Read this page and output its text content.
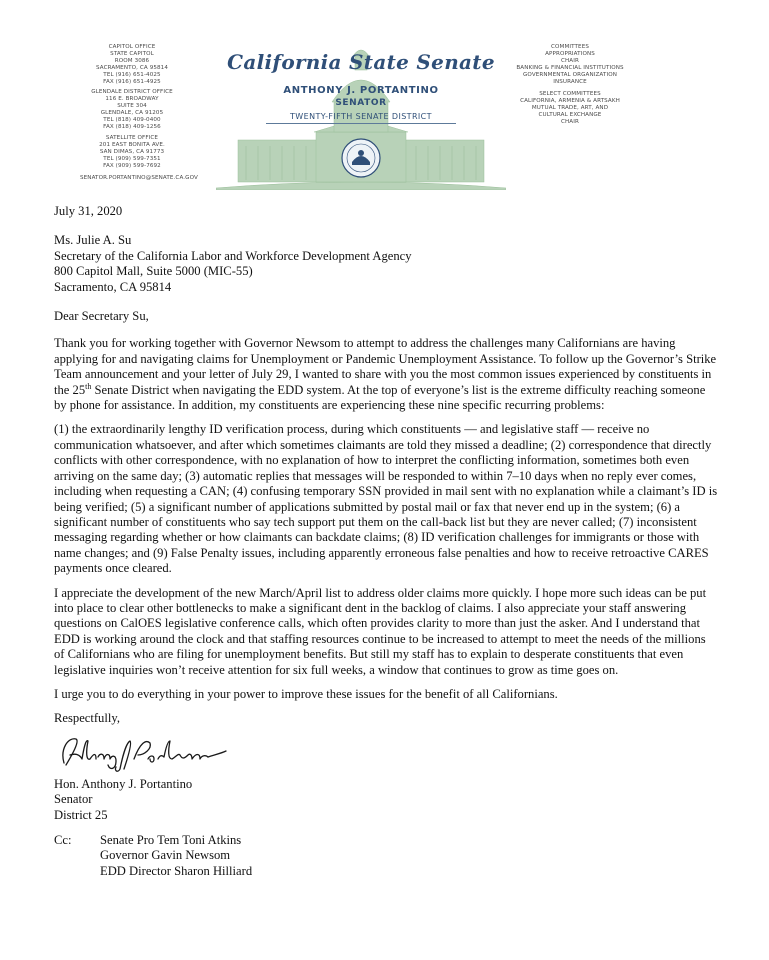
CAPITOL OFFICE
STATE CAPITOL
ROOM 3086
SACRAMENTO, CA 95814
TEL (916) 651-4025
FAX (916) 651-4925
GLENDALE DISTRICT OFFICE
116 E. BROADWAY
SUITE 304
GLENDALE, CA 91205
TEL (818) 409-0400
FAX (818) 409-1256
SATELLITE OFFICE
201 EAST BONITA AVE.
SAN DIMAS, CA 91773
TEL (909) 599-7351
FAX (909) 599-7692
SENATOR.PORTANTINO@SENATE.CA.GOV
California State Senate
ANTHONY J. PORTANTINO
SENATOR
TWENTY-FIFTH SENATE DISTRICT
COMMITTEES
APPROPRIATIONS
CHAIR
BANKING & FINANCIAL INSTITUTIONS
GOVERNMENTAL ORGANIZATION
INSURANCE
SELECT COMMITTEES
CALIFORNIA, ARMENIA & ARTSAKH
MUTUAL TRADE, ART, AND
CULTURAL EXCHANGE
CHAIR
July 31, 2020
Ms. Julie A. Su
Secretary of the California Labor and Workforce Development Agency
800 Capitol Mall, Suite 5000 (MIC-55)
Sacramento, CA 95814
Dear Secretary Su,

Thank you for working together with Governor Newsom to attempt to address the challenges many Californians are having applying for and navigating claims for Unemployment or Pandemic Unemployment Assistance. To follow up the Governor’s Strike Team announcement and your letter of July 29, I wanted to share with you the most common issues experienced by constituents in the 25th Senate District when navigating the EDD system. At the top of everyone’s list is the extreme difficulty reaching someone by phone for assistance. In addition, my constituents are experiencing these nine specific recurring problems:

(1) the extraordinarily lengthy ID verification process, during which constituents — and legislative staff — receive no communication whatsoever, and after which sometimes claimants are told they missed a deadline; (2) correspondence that directly conflicts with other correspondence, with no explanation of how to interpret the conflicting information, sometimes both even arriving on the same day; (3) automatic replies that messages will be responded to within 7–10 days when no reply ever comes, including when requesting a CAN; (4) confusing temporary SSN provided in mail sent with no explanation while a claimant’s ID is being verified; (5) a significant number of applications submitted by postal mail or fax that never end up in the system; (6) a significant number of constituents who say tech support put them on the call-back list but they are never called; (7) inconsistent messaging regarding whether or how claimants can backdate claims; (8) ID verification challenges for immigrants or those with name changes; and (9) False Penalty issues, including apparently erroneous false penalties and how to receive retroactive CARES payments once cleared.

I appreciate the development of the new March/April list to address older claims more quickly. I hope more such ideas can be put into place to clear other bottlenecks to make a significant dent in the backlog of claims. I also appreciate your staff answering questions on CalOES legislative conference calls, which often provides clarity to more than just the asker. And I understand that EDD is working around the clock and that staffing resources continue to be increased to attempt to meet the needs of the millions of Californians who are filing for unemployment benefits. But still my staff has to explain to desperate constituents that even legislative inquiries won’t receive attention for six full weeks, a window that continues to grow as time goes on.

I urge you to do everything in your power to improve these issues for the benefit of all Californians.

Respectfully,
Hon. Anthony J. Portantino
Senator
District 25
Cc:	Senate Pro Tem Toni Atkins
Governor Gavin Newsom
EDD Director Sharon Hilliard
